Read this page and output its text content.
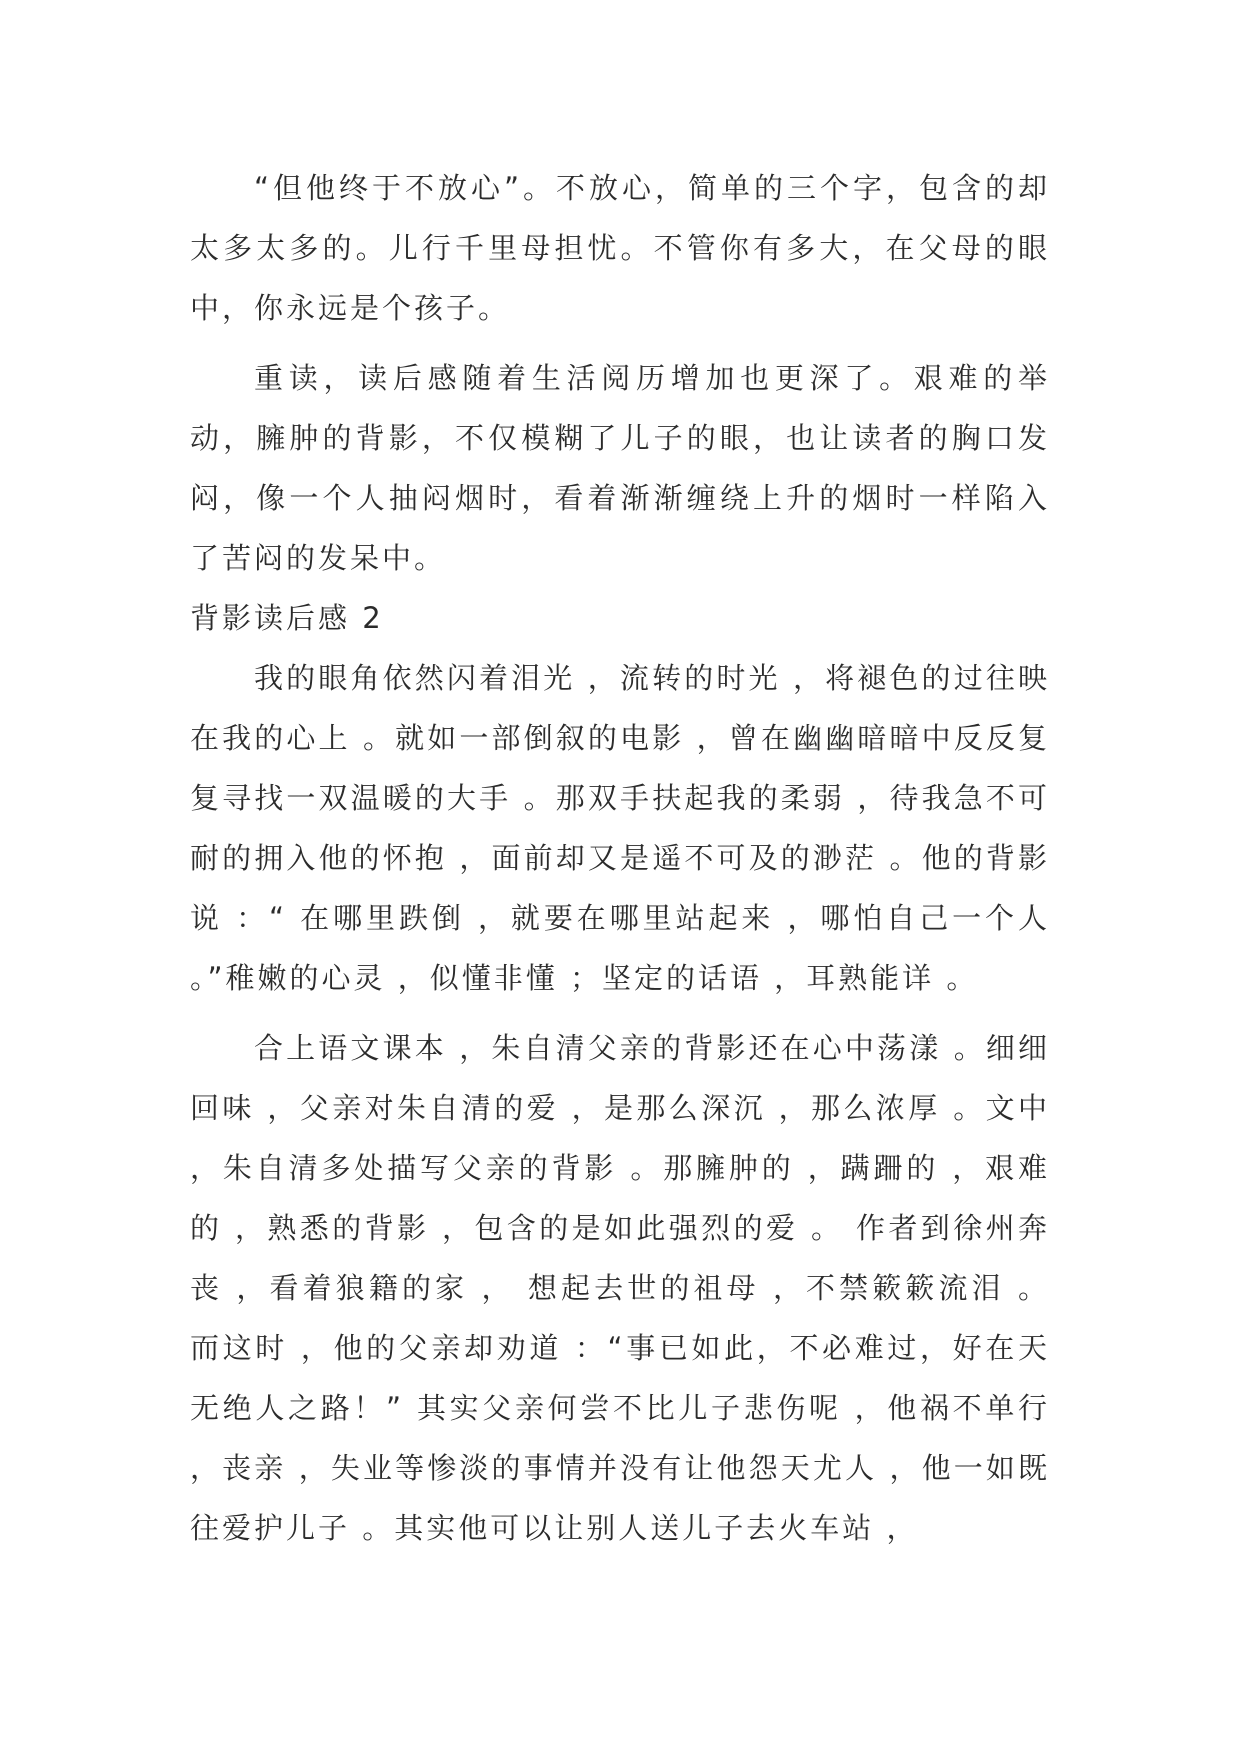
“但他终于不放心”。不放心，简单的三个字，包含的却太多太多的。儿行千里母担忧。不管你有多大，在父母的眼中，你永远是个孩子。

重读，读后感随着生活阅历增加也更深了。艰难的举动，臃肿的背影，不仅模糊了儿子的眼，也让读者的胸口发闷，像一个人抽闷烟时，看着渐渐缠绕上升的烟时一样陷入了苦闷的发呆中。

背影读后感 2

我的眼角依然闪着泪光 ，流转的时光 ，将褪色的过往映在我的心上 。就如一部倒叙的电影 ，曾在幽幽暗暗中反反复复寻找一双温暖的大手 。那双手扶起我的柔弱 ，待我急不可耐的拥入他的怀抱 ，面前却又是遥不可及的渺茫 。他的背影说 ：“ 在哪里跌倒 ，就要在哪里站起来 ，哪怕自己一个人 。”稚嫩的心灵 ，似懂非懂 ；坚定的话语 ，耳熟能详 。

合上语文课本 ，朱自清父亲的背影还在心中荡漾 。细细回味 ，父亲对朱自清的爱 ，是那么深沉 ，那么浓厚 。文中 ，朱自清多处描写父亲的背影 。那臃肿的 ，蹒跚的 ，艰难的 ，熟悉的背影 ，包含的是如此强烈的爱 。 作者到徐州奔丧 ，看着狼籍的家 ， 想起去世的祖母 ，不禁簌簌流泪 。而这时 ，他的父亲却劝道 ：“事已如此，不必难过，好在天无绝人之路！” 其实父亲何尝不比儿子悲伤呢 ，他祸不单行 ，丧亲 ，失业等惨淡的事情并没有让他怨天尤人 ，他一如既往爱护儿子 。其实他可以让别人送儿子去火车站 ，
